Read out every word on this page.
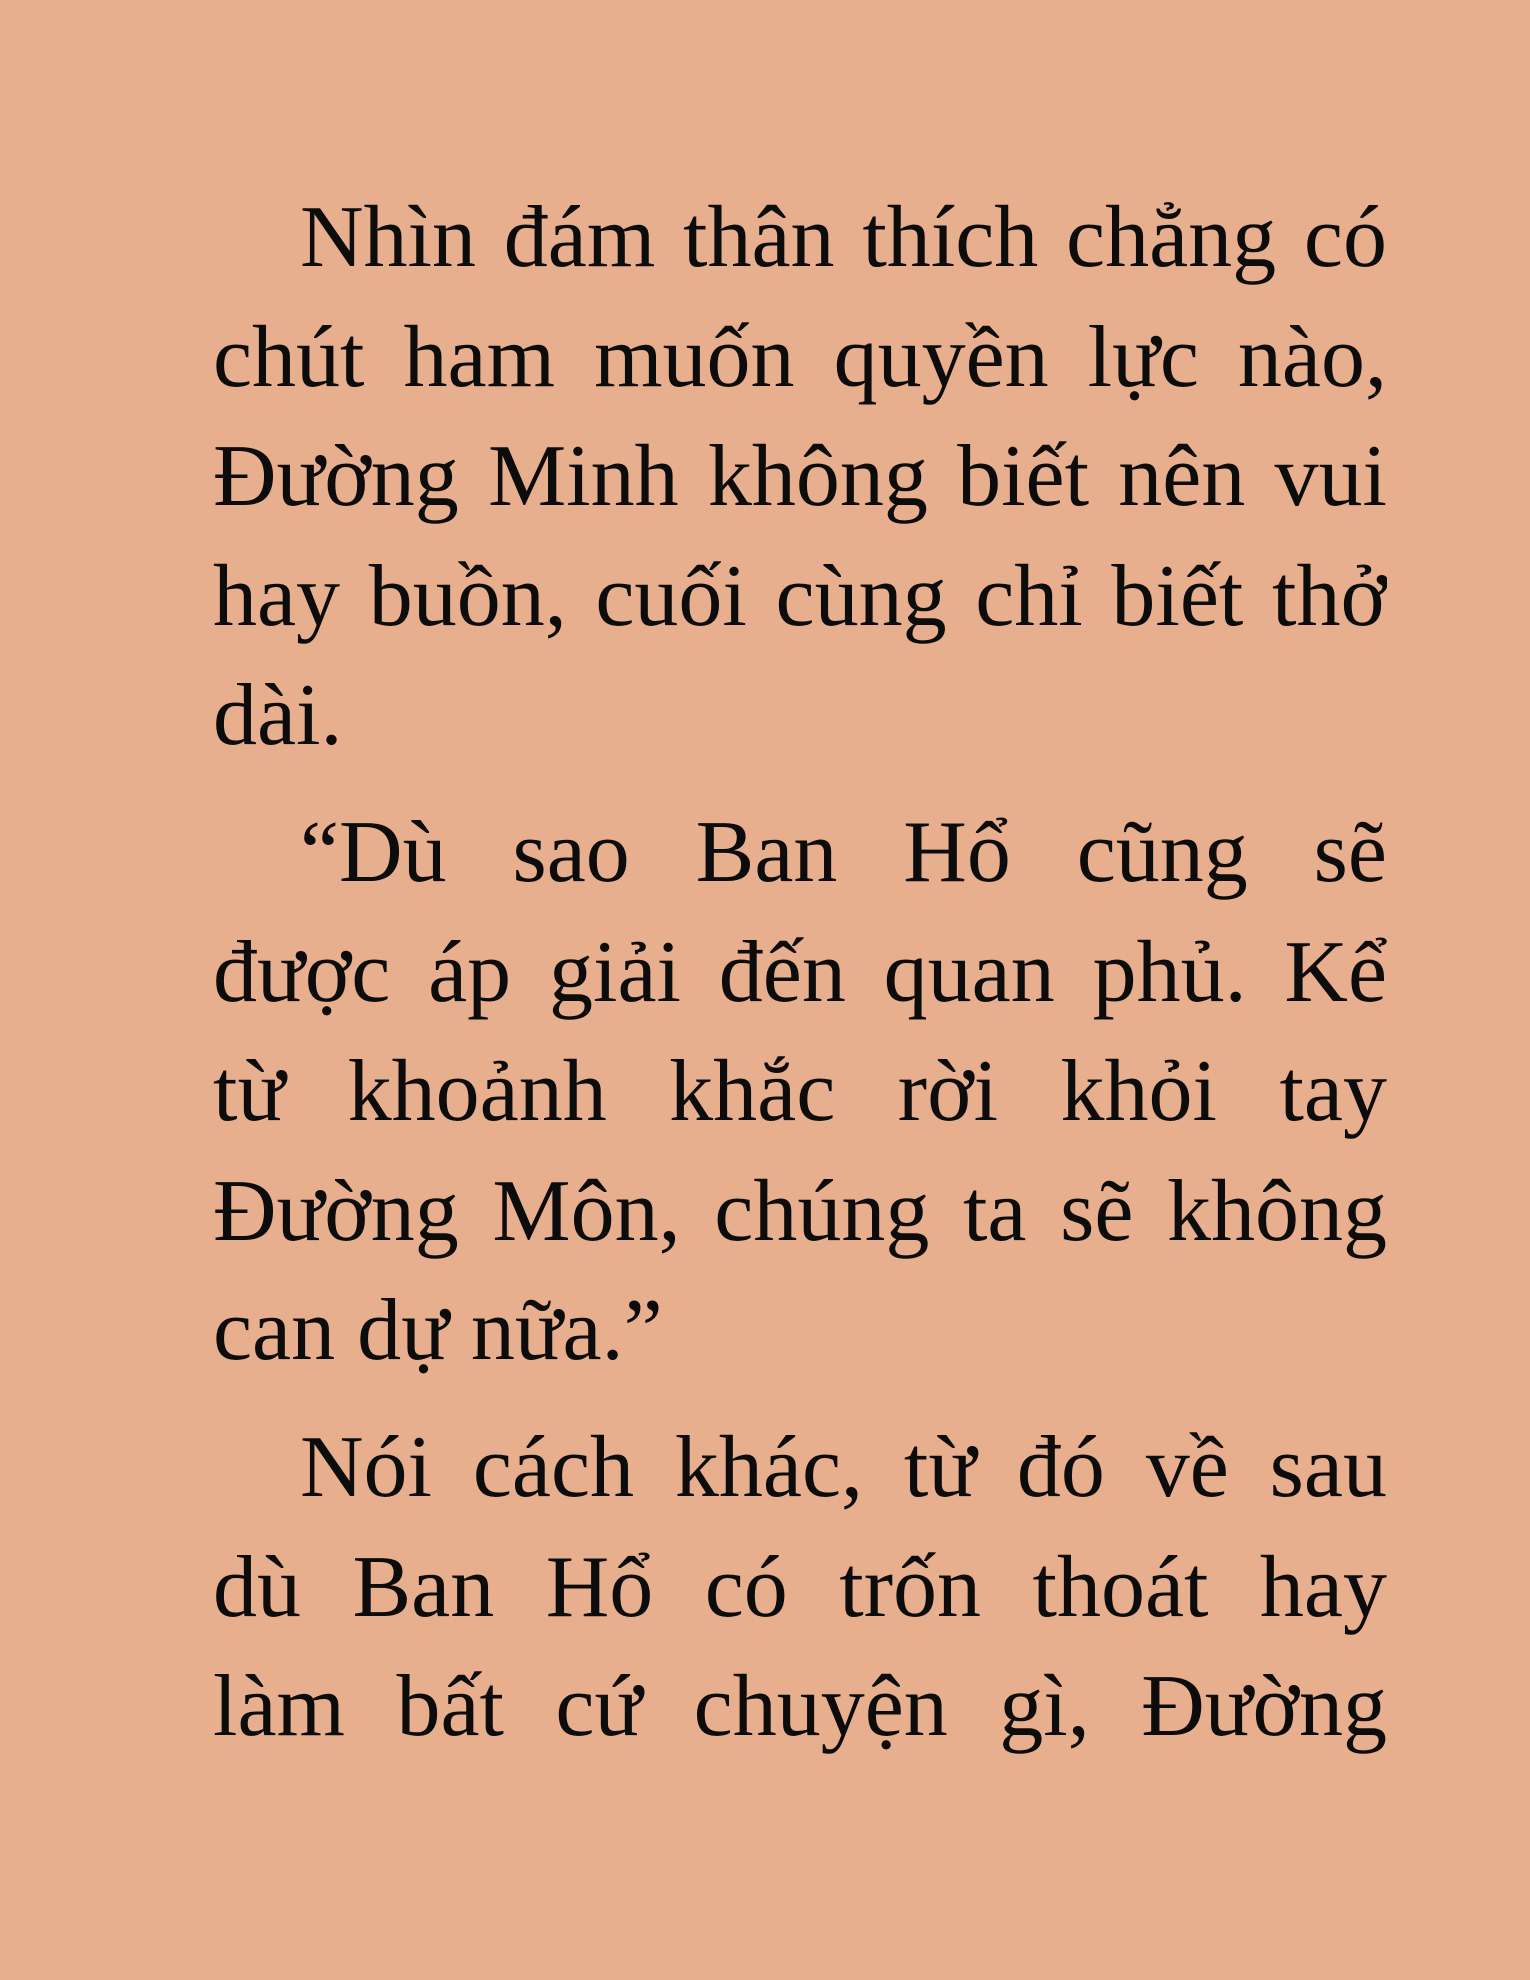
Nhìn đám thân thích chẳng có
chút ham muốn quyền lực nào,
Đường Minh không biết nên vui
hay buồn, cuối cùng chỉ biết thở
dài.

“Dù sao Ban Hổ cũng sẽ
được áp giải đến quan phủ. Kể
từ khoảnh khắc rời khỏi tay
Đường Môn, chúng ta sẽ không
can dự nữa.”

Nói cách khác, từ đó về sau
dù Ban Hổ có trốn thoát hay
làm bất cứ chuyện gì, Đường
